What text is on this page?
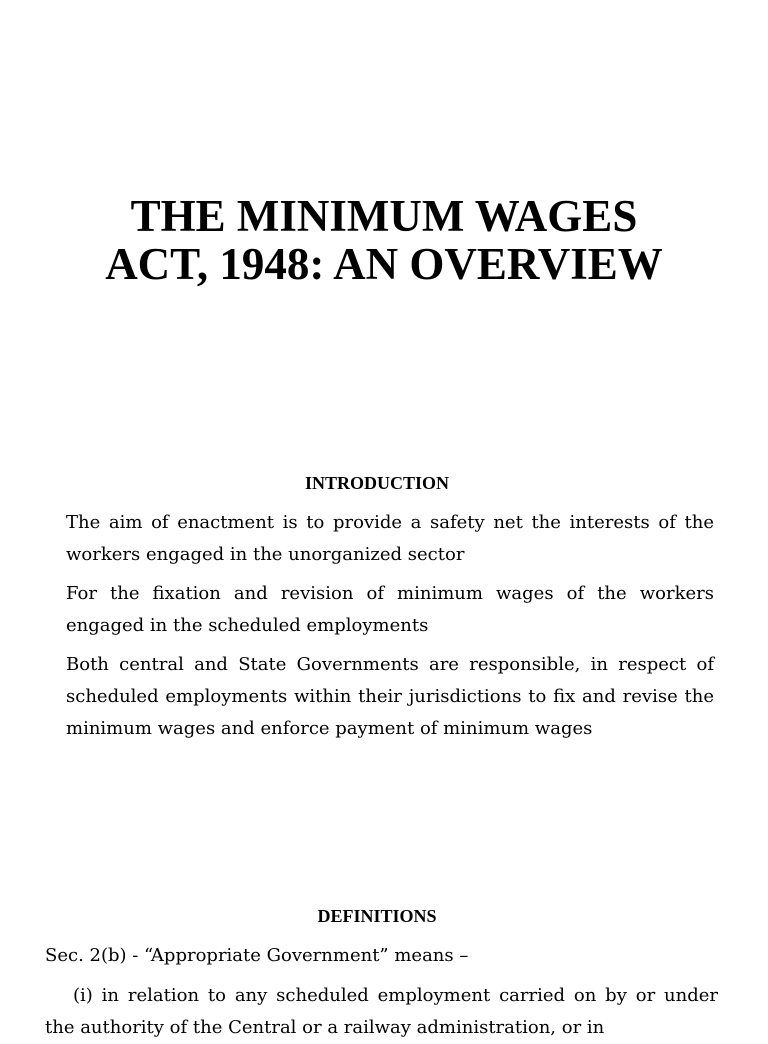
THE MINIMUM WAGES
ACT, 1948: AN OVERVIEW
INTRODUCTION

The aim of enactment is to provide a safety net the interests of the workers engaged in the unorganized sector

For the fixation and revision of minimum wages of the workers engaged in the scheduled employments

Both central and State Governments are responsible, in respect of scheduled employments within their jurisdictions to fix and revise the minimum wages and enforce payment of minimum wages

DEFINITIONS

Sec. 2(b) - “Appropriate Government” means –

(i) in relation to any scheduled employment carried on by or under the authority of the Central or a railway administration, or in
